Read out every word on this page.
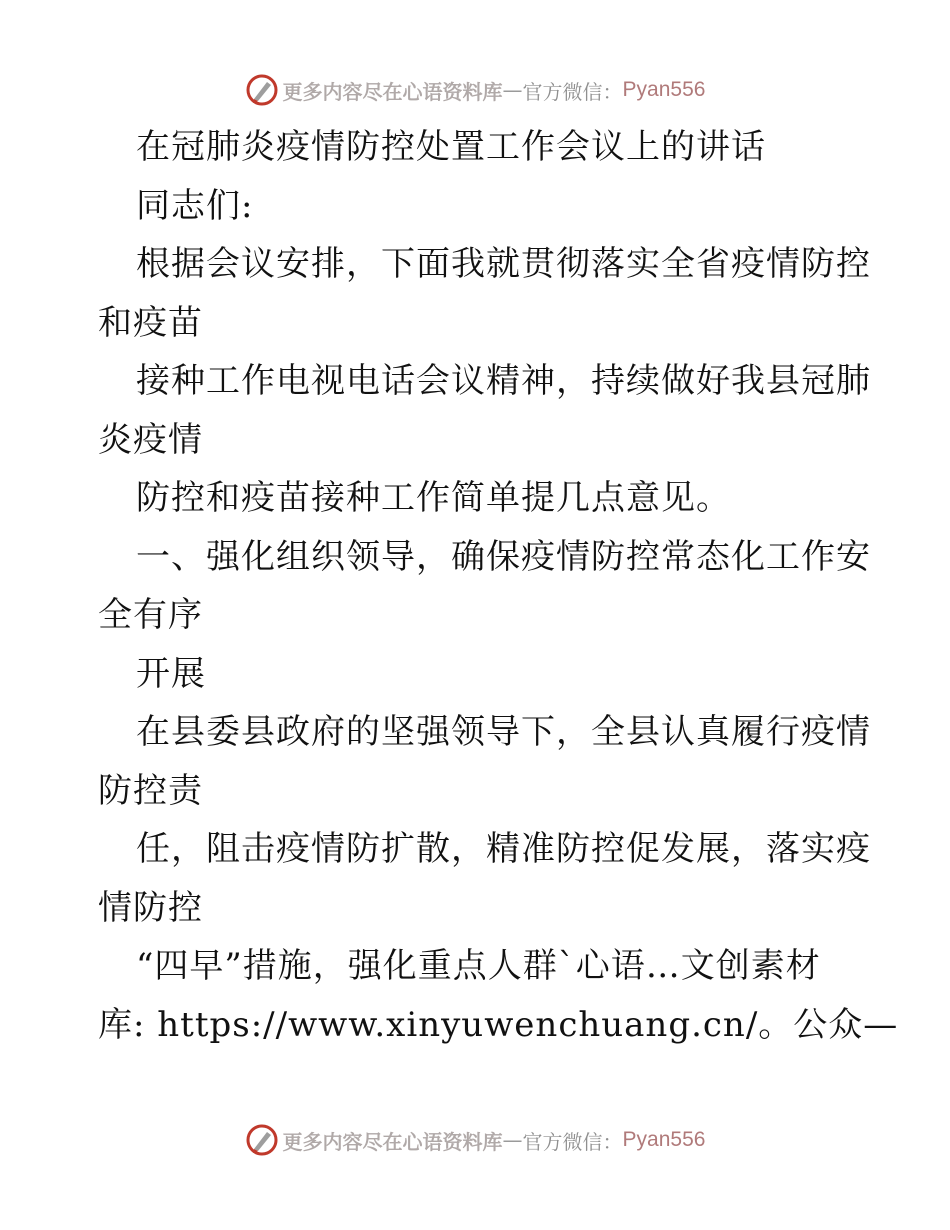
更多内容尽在心语资料库 — 官方微信： Pyan556
在冠肺炎疫情防控处置工作会议上的讲话
同志们:
根据会议安排，下面我就贯彻落实全省疫情防控
和疫苗
接种工作电视电话会议精神，持续做好我县冠肺
炎疫情
防控和疫苗接种工作简单提几点意见。
一、强化组织领导，确保疫情防控常态化工作安
全有序
开展
在县委县政府的坚强领导下，全县认真履行疫情
防控责
任，阻击疫情防扩散，精准防控促发展，落实疫
情防控
“四早”措施，强化重点人群`心语…文创素材
库: https://www.xinyuwenchuang.cn/。公众—
更多内容尽在心语资料库 — 官方微信： Pyan556
